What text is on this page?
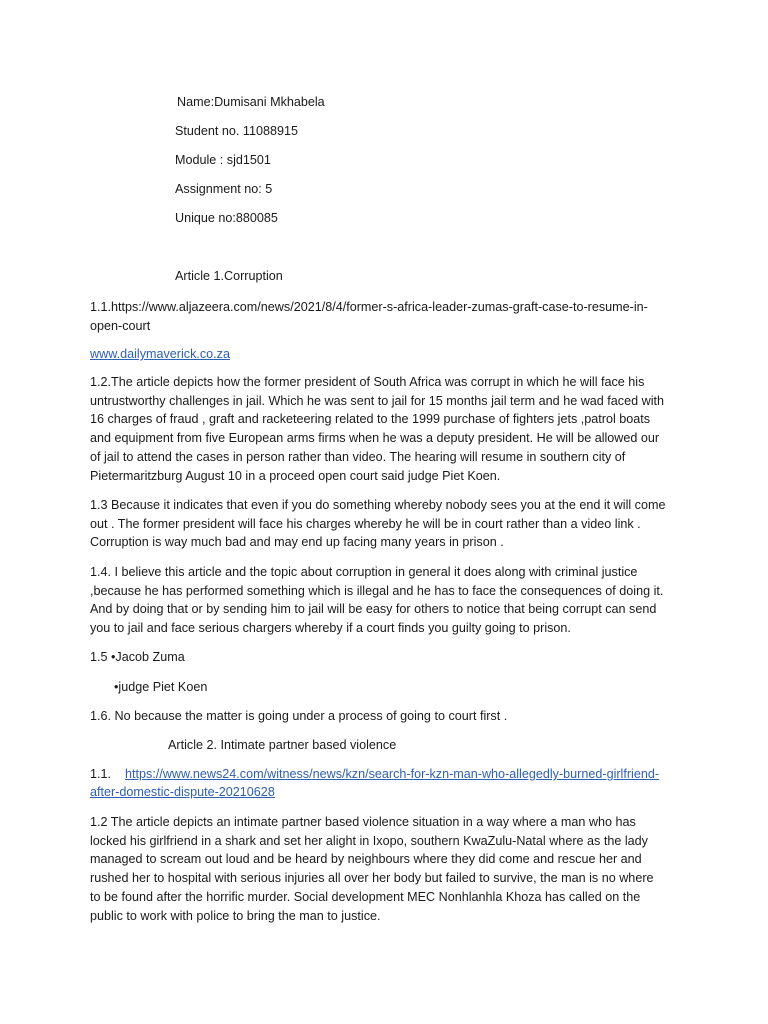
Name:Dumisani Mkhabela
Student no. 11088915
Module : sjd1501
Assignment no: 5
Unique no:880085
Article 1.Corruption
1.1.https://www.aljazeera.com/news/2021/8/4/former-s-africa-leader-zumas-graft-case-to-resume-in-
open-court
www.dailymaverick.co.za
1.2.The article depicts how the former president of South Africa was corrupt in which he will face his
untrustworthy challenges in jail. Which he was sent to jail for 15 months jail term and he wad faced with
16 charges of fraud , graft and racketeering related to the 1999 purchase of fighters jets ,patrol boats
and equipment from five European arms firms when he was a deputy president. He will be allowed our
of jail to attend the cases in person rather than video. The hearing will resume in southern city of
Pietermaritzburg August 10 in a proceed open court said judge Piet Koen.
1.3 Because it indicates that even if you do something whereby nobody sees you at the end it will come
out . The former president will face his charges whereby he will be in court rather than a video link .
Corruption is way much bad and may end up facing many years in prison .
1.4. I believe this article and the topic about corruption in general it does along with criminal justice
,because he has performed something which is illegal and he has to face the consequences of doing it.
And by doing that or by sending him to jail will be easy for others to notice that being corrupt can send
you to jail and face serious chargers whereby if a court finds you guilty going to prison.
1.5 •Jacob Zuma
•judge Piet Koen
1.6. No because the matter is going under a process of going to court first .
Article 2. Intimate partner based violence
1.1. https://www.news24.com/witness/news/kzn/search-for-kzn-man-who-allegedly-burned-girlfriend-
after-domestic-dispute-20210628
1.2 The article depicts an intimate partner based violence situation in a way where a man who has
locked his girlfriend in a shark and set her alight in Ixopo, southern KwaZulu-Natal where as the lady
managed to scream out loud and be heard by neighbours where they did come and rescue her and
rushed her to hospital with serious injuries all over her body but failed to survive, the man is no where
to be found after the horrific murder. Social development MEC Nonhlanhla Khoza has called on the
public to work with police to bring the man to justice.
